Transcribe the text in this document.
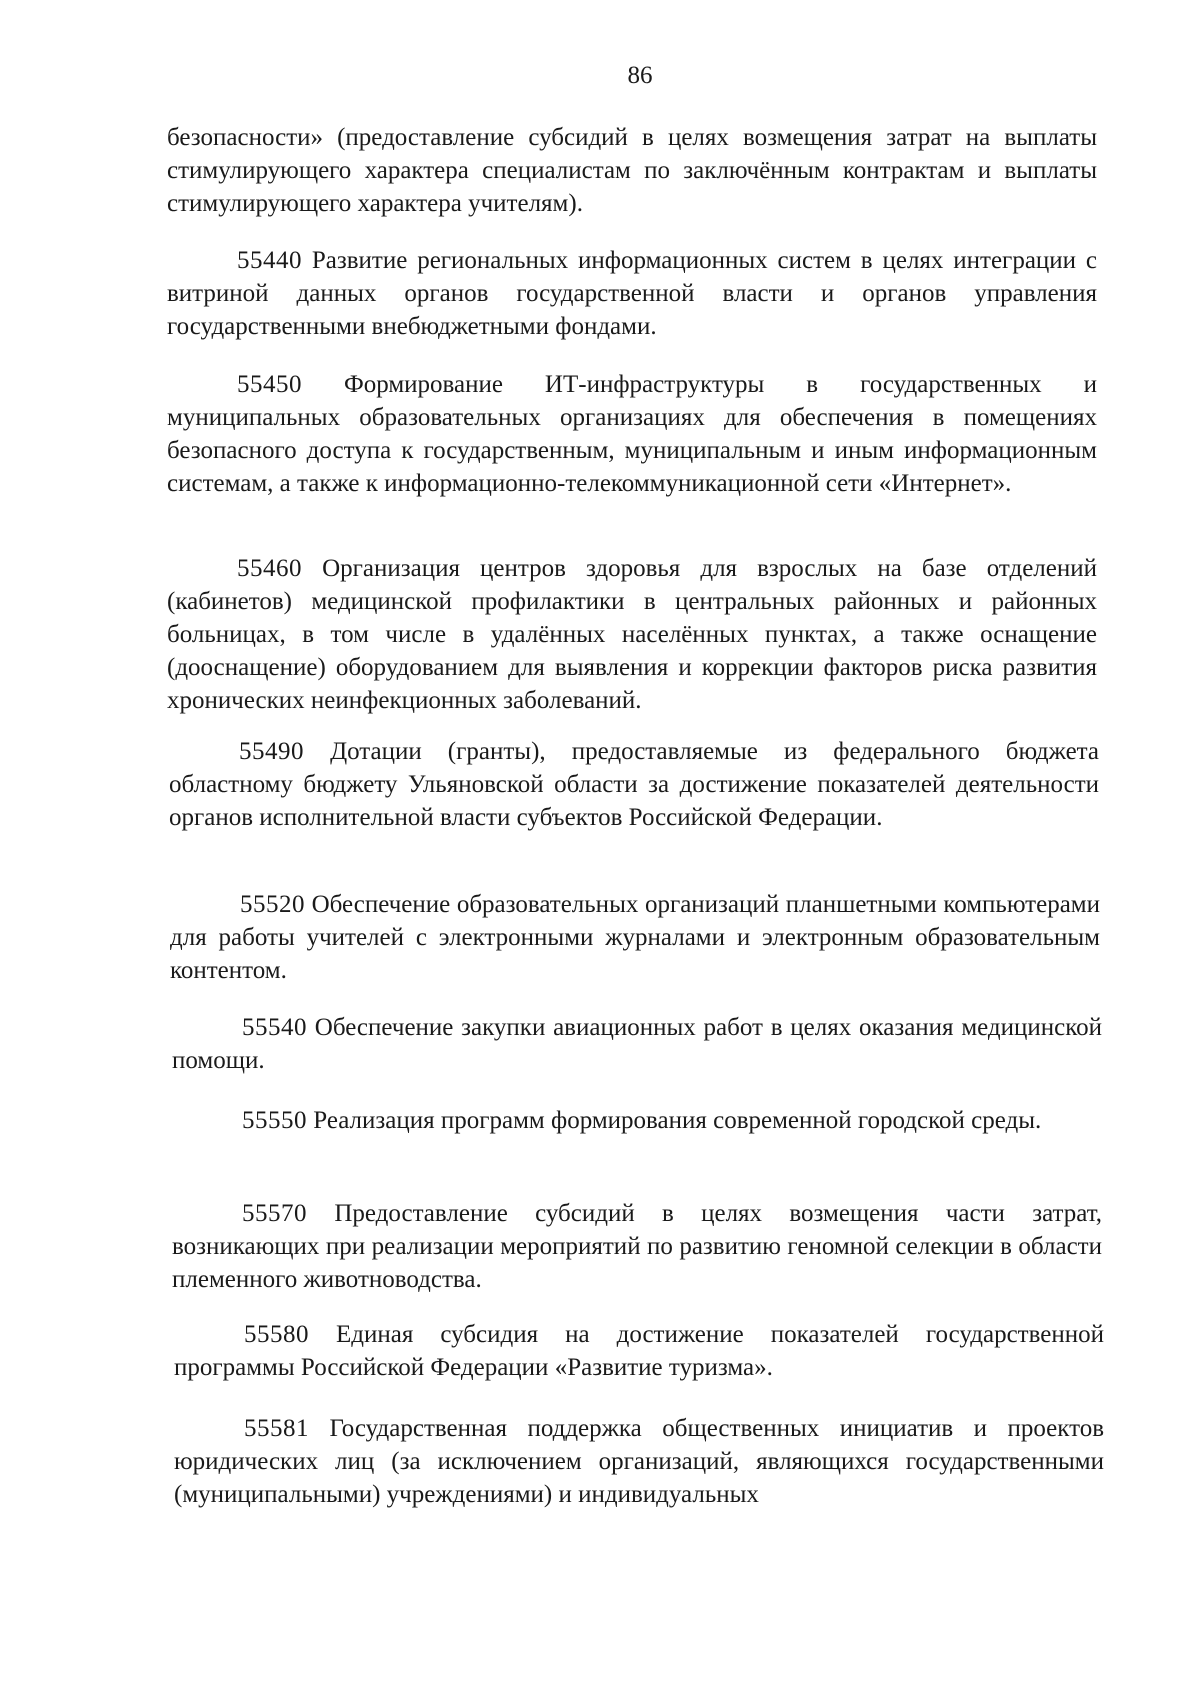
86

безопасности» (предоставление субсидий в целях возмещения затрат на выплаты стимулирующего характера специалистам по заключённым контрактам и выплаты стимулирующего характера учителям).

55440 Развитие региональных информационных систем в целях интеграции с витриной данных органов государственной власти и органов управления государственными внебюджетными фондами.

55450 Формирование ИТ-инфраструктуры в государственных и муниципальных образовательных организациях для обеспечения в помещениях безопасного доступа к государственным, муниципальным и иным информационным системам, а также к информационно-телекоммуникационной сети «Интернет».

55460 Организация центров здоровья для взрослых на базе отделений (кабинетов) медицинской профилактики в центральных районных и районных больницах, в том числе в удалённых населённых пунктах, а также оснащение (дооснащение) оборудованием для выявления и коррекции факторов риска развития хронических неинфекционных заболеваний.

55490 Дотации (гранты), предоставляемые из федерального бюджета областному бюджету Ульяновской области за достижение показателей деятельности органов исполнительной власти субъектов Российской Федерации.

55520 Обеспечение образовательных организаций планшетными компьютерами для работы учителей с электронными журналами и электронным образовательным контентом.

55540 Обеспечение закупки авиационных работ в целях оказания медицинской помощи.

55550 Реализация программ формирования современной городской среды.

55570 Предоставление субсидий в целях возмещения части затрат, возникающих при реализации мероприятий по развитию геномной селекции в области племенного животноводства.

55580 Единая субсидия на достижение показателей государственной программы Российской Федерации «Развитие туризма».

55581 Государственная поддержка общественных инициатив и проектов юридических лиц (за исключением организаций, являющихся государственными (муниципальными) учреждениями) и индивидуальных
